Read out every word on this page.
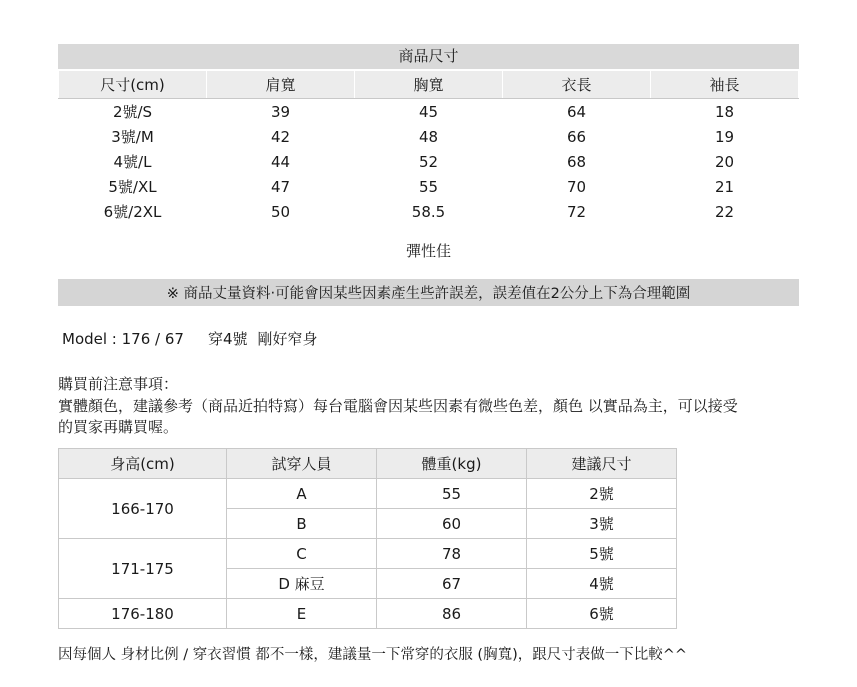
商品尺寸
尺寸(cm)	肩寬	胸寬	衣長	袖長
2號/S	39	45	64	18
3號/M	42	48	66	19
4號/L	44	52	68	20
5號/XL	47	55	70	21
6號/2XL	50	58.5	72	22
彈性佳
※ 商品丈量資料‧可能會因某些因素產生些許誤差，誤差值在2公分上下為合理範圍
Model : 176 / 67 穿4號 剛好窄身
購買前注意事項：
實體顏色，建議參考（商品近拍特寫）每台電腦會因某些因素有微些色差，顏色 以實品為主，可以接受
的買家再購買喔。
身高(cm)	試穿人員	體重(kg)	建議尺寸
166-170	A	55	2號
	B	60	3號
171-175	C	78	5號
	D 麻豆	67	4號
176-180	E	86	6號
因每個人 身材比例 / 穿衣習慣 都不一樣，建議量一下常穿的衣服 (胸寬)，跟尺寸表做一下比較^^
